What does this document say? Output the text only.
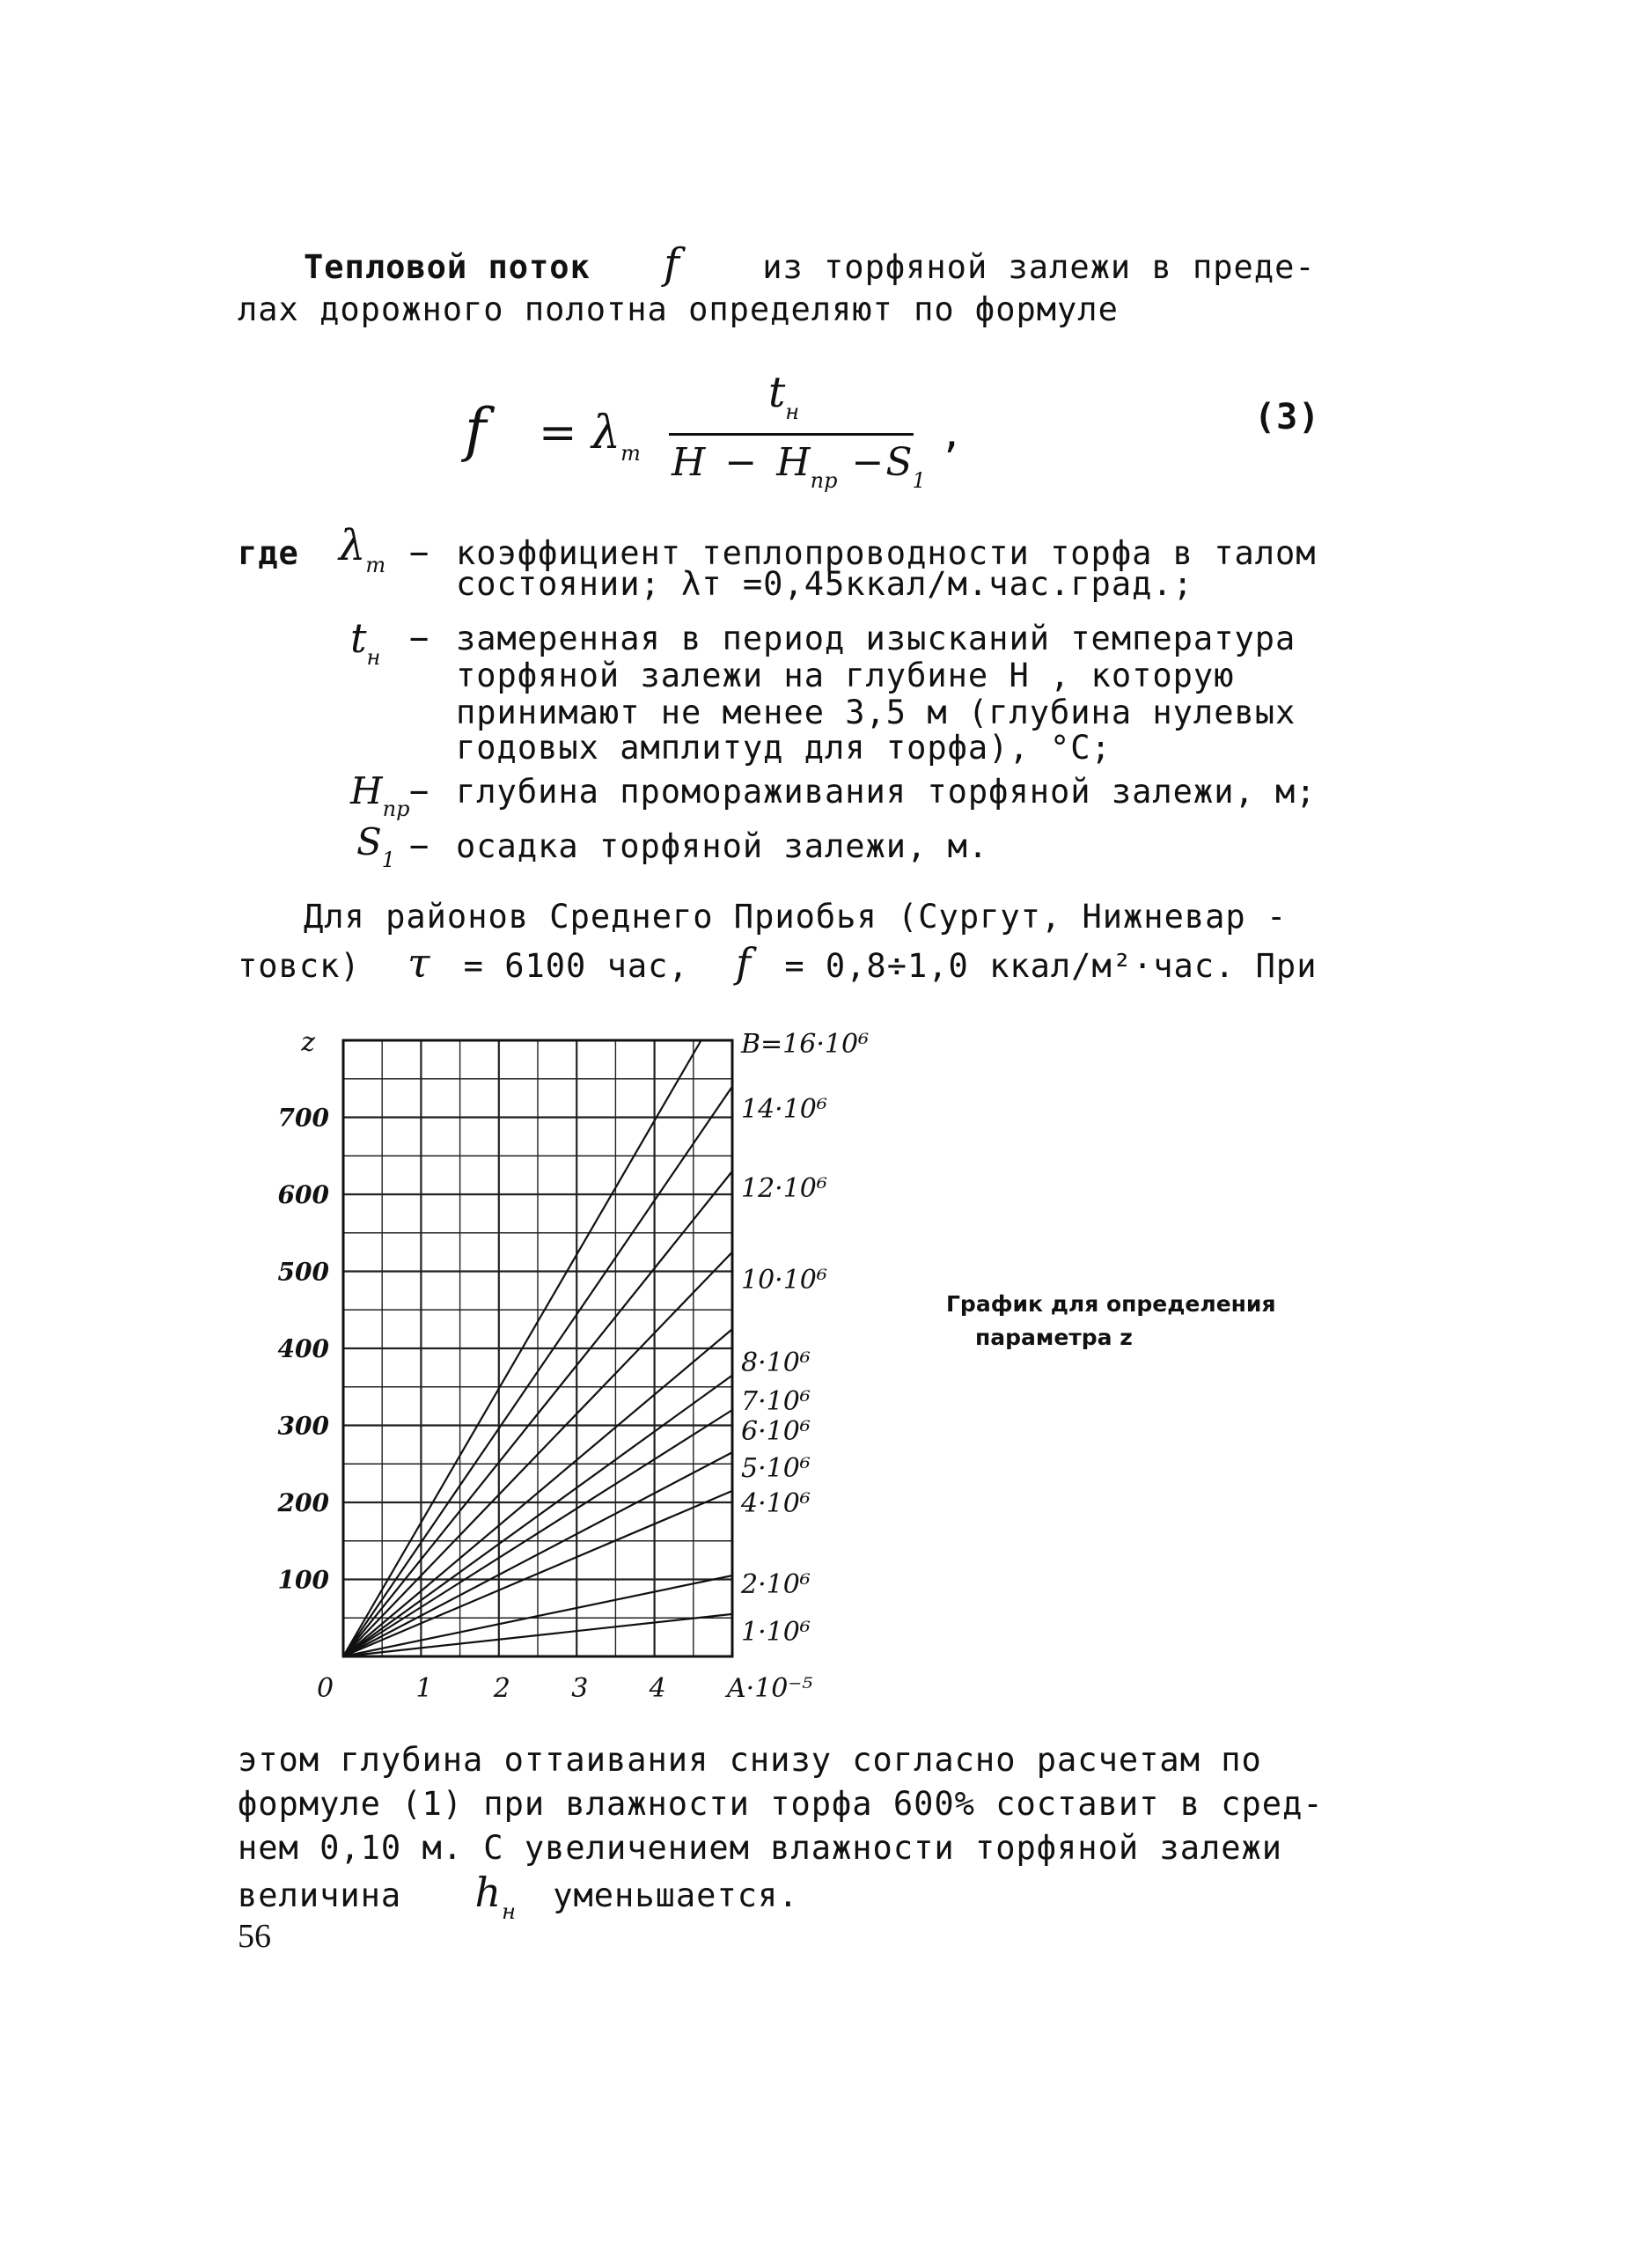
Тепловой поток f	из торфяной залежи в преде-
лах дорожного полотна определяют по формуле
$f = \lambda_т$
$t_н$
$H - H_{пр} -S_1$
,	(3)
где $\lambda_т$ − коэффициент теплопроводности торфа в талом
состоянии; λт =0,45ккал/м.час.град.;
$t_н$ − замеренная в период изысканий температура
торфяной залежи на глубине H , которую
принимают не менее 3,5 м (глубина нулевых
годовых амплитуд для торфа), °С;
$H_{пр}$ − глубина промораживания торфяной залежи, м;
$S_1$ − осадка торфяной залежи, м.
Для районов Среднего Приобья (Сургут, Нижневар -
товск) τ = 6100 час, f = 0,8÷1,0 ккал/м²·час. При
B=16·10⁶
14·10⁶
12·10⁶
10·10⁶
8·10⁶
7·10⁶
6·10⁶
5·10⁶
4·10⁶
2·10⁶
1·10⁶
700
600
500
400
300
200
100
z
0	1 2 3 4 A·10⁻⁵
График для определения
параметра z
этом глубина оттаивания снизу согласно расчетам по
формуле (1) при влажности торфа 600% составит в сред-
нем 0,10 м. С увеличением влажности торфяной залежи
величина $h_н$ уменьшается.
56
